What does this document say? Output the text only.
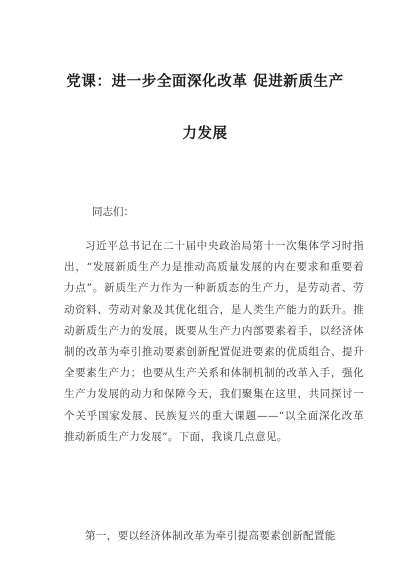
党课：进一步全面深化改革 促进新质生产
力发展
同志们：
习近平总书记在二十届中央政治局第十一次集体学习时指出，“发展新质生产力是推动高质量发展的内在要求和重要着力点”。新质生产力作为一种新质态的生产力，是劳动者、劳动资料、劳动对象及其优化组合，是人类生产能力的跃升。推动新质生产力的发展，既要从生产力内部要素着手，以经济体制的改革为牵引推动要素创新配置促进要素的优质组合、提升全要素生产力；也要从生产关系和体制机制的改革入手，强化生产力发展的动力和保障今天，我们聚集在这里，共同探讨一个关乎国家发展、民族复兴的重大课题——“以全面深化改革推动新质生产力发展”。下面，我谈几点意见。
第一，要以经济体制改革为牵引提高要素创新配置能
